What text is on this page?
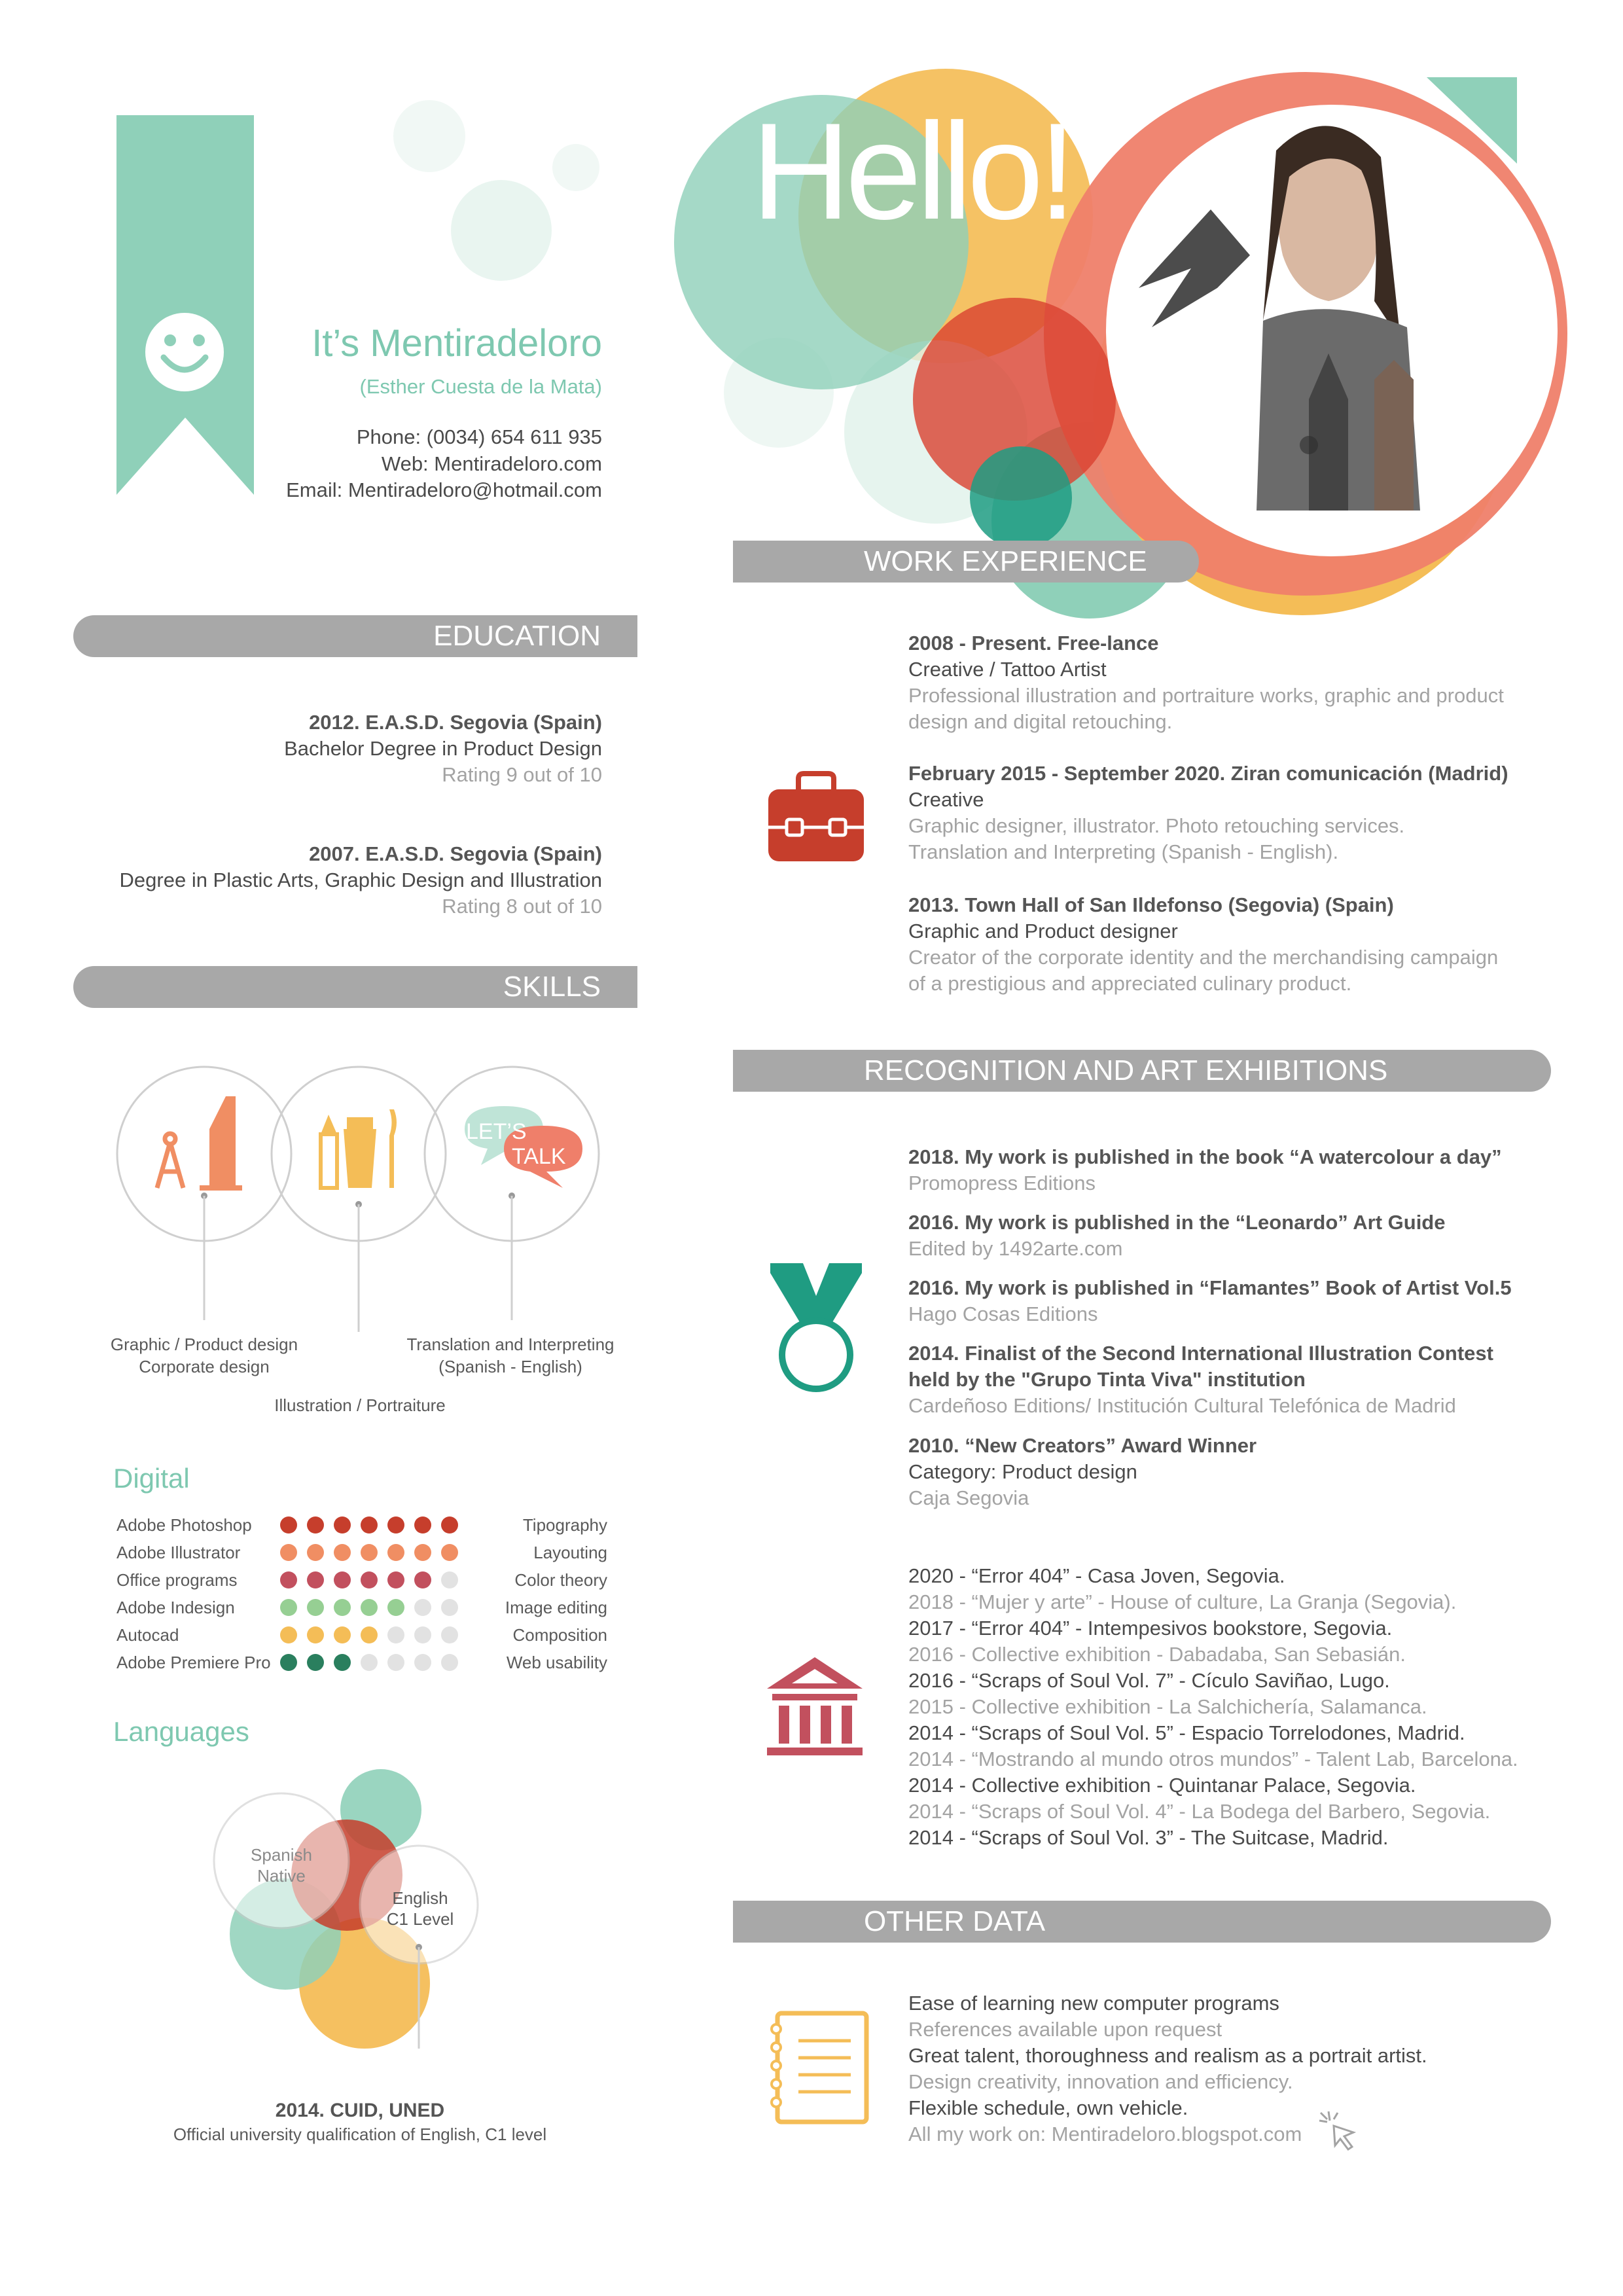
Hello!
It’s Mentiradeloro
(Esther Cuesta de la Mata)
Phone: (0034) 654 611 935
Web: Mentiradeloro.com
Email: Mentiradeloro@hotmail.com
EDUCATION
2012. E.A.S.D. Segovia (Spain)
Bachelor Degree in Product Design
Rating 9 out of 10
2007. E.A.S.D. Segovia (Spain)
Degree in Plastic Arts, Graphic Design and Illustration
Rating 8 out of 10
SKILLS
LET’S
TALK
Graphic / Product design
Corporate design
Illustration / Portraiture
Translation and Interpreting
(Spanish - English)
Digital
Adobe Photoshop	Tipography
Adobe Illustrator	Layouting
Office programs	Color theory
Adobe Indesign	Image editing
Autocad	Composition
Adobe Premiere Pro	Web usability
Languages
Spanish
Native
English
C1 Level
2014. CUID, UNED
Official university qualification of English, C1 level
WORK EXPERIENCE
2008 - Present. Free-lance
Creative / Tattoo Artist
Professional illustration and portraiture works, graphic and product
design and digital retouching.
February 2015 - September 2020. Ziran comunicación (Madrid)
Creative
Graphic designer, illustrator. Photo retouching services.
Translation and Interpreting (Spanish - English).
2013. Town Hall of San Ildefonso (Segovia) (Spain)
Graphic and Product designer
Creator of the corporate identity and the merchandising campaign
of a prestigious and appreciated culinary product.
RECOGNITION AND ART EXHIBITIONS
2018. My work is published in the book “A watercolour a day”
Promopress Editions
2016. My work is published in the “Leonardo” Art Guide
Edited by 1492arte.com
2016. My work is published in “Flamantes” Book of Artist Vol.5
Hago Cosas Editions
2014. Finalist of the Second International Illustration Contest
held by the "Grupo Tinta Viva" institution
Cardeñoso Editions/ Institución Cultural Telefónica de Madrid
2010. “New Creators” Award Winner
Category: Product design
Caja Segovia
2020 - “Error 404” - Casa Joven, Segovia.
2018 - “Mujer y arte” - House of culture, La Granja (Segovia).
2017 - “Error 404” - Intempesivos bookstore, Segovia.
2016 - Collective exhibition - Dabadaba, San Sebasián.
2016 - “Scraps of Soul Vol. 7” - Cículo Saviñao, Lugo.
2015 - Collective exhibition - La Salchichería, Salamanca.
2014 - “Scraps of Soul Vol. 5” - Espacio Torrelodones, Madrid.
2014 - “Mostrando al mundo otros mundos” - Talent Lab, Barcelona.
2014 - Collective exhibition - Quintanar Palace, Segovia.
2014 - “Scraps of Soul Vol. 4” - La Bodega del Barbero, Segovia.
2014 - “Scraps of Soul Vol. 3” - The Suitcase, Madrid.
OTHER DATA
Ease of learning new computer programs
References available upon request
Great talent, thoroughness and realism as a portrait artist.
Design creativity, innovation and efficiency.
Flexible schedule, own vehicle.
All my work on: Mentiradeloro.blogspot.com
